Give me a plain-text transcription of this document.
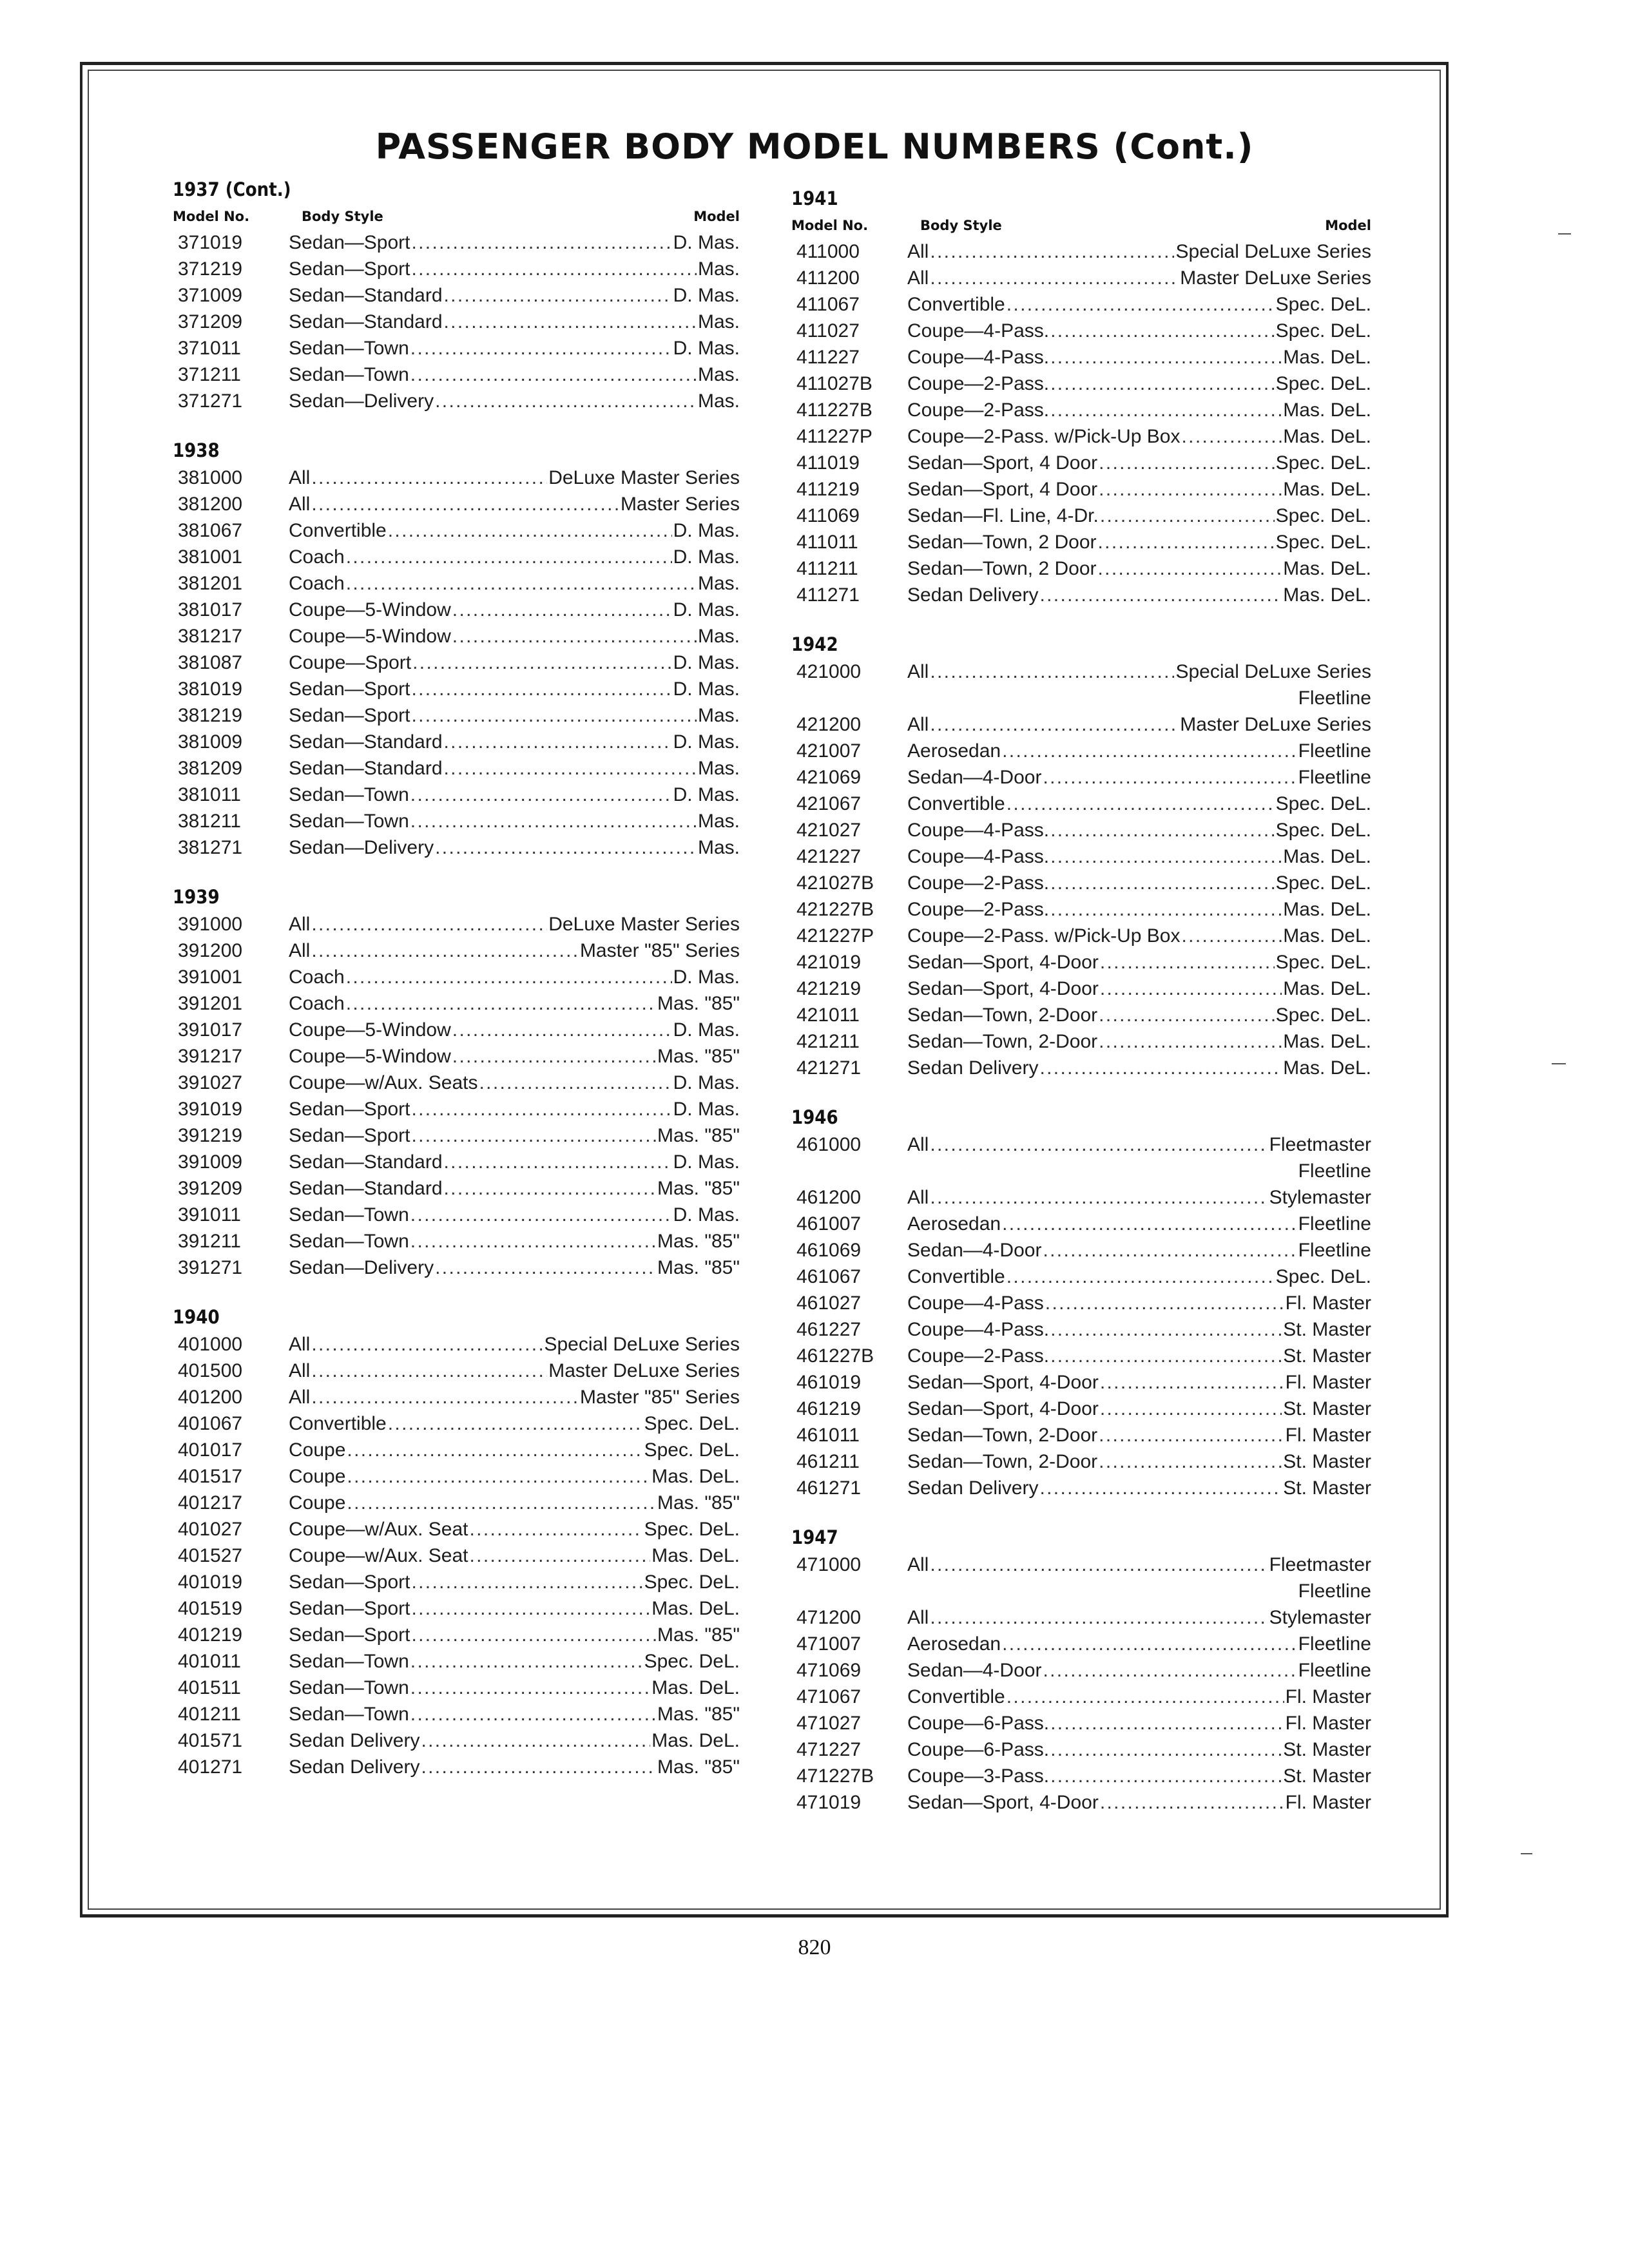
PASSENGER BODY MODEL NUMBERS (Cont.)
1937 (Cont.)
Model No.	Body Style	Model
371019	Sedan—Sport . . .	D. Mas.
371219	Sedan—Sport . . .	Mas.
371009	Sedan—Standard . . .	D. Mas.
371209	Sedan—Standard . . .	Mas.
371011	Sedan—Town . . .	D. Mas.
371211	Sedan—Town . . .	Mas.
371271	Sedan—Delivery . . .	Mas.
1938
381000	All . . .	DeLuxe Master Series
381200	All . . .	Master Series
381067	Convertible . . .	D. Mas.
381001	Coach . . .	D. Mas.
381201	Coach . . .	Mas.
381017	Coupe—5-Window . . .	D. Mas.
381217	Coupe—5-Window . . .	Mas.
381087	Coupe—Sport . . .	D. Mas.
381019	Sedan—Sport . . .	D. Mas.
381219	Sedan—Sport . . .	Mas.
381009	Sedan—Standard . . .	D. Mas.
381209	Sedan—Standard . . .	Mas.
381011	Sedan—Town . . .	D. Mas.
381211	Sedan—Town . . .	Mas.
381271	Sedan—Delivery . . .	Mas.
1939
391000	All . . .	DeLuxe Master Series
391200	All . . .	Master "85" Series
391001	Coach . . .	D. Mas.
391201	Coach . . .	Mas. "85"
391017	Coupe—5-Window . . .	D. Mas.
391217	Coupe—5-Window . . .	Mas. "85"
391027	Coupe—w/Aux. Seats . . .	D. Mas.
391019	Sedan—Sport . . .	D. Mas.
391219	Sedan—Sport . . .	Mas. "85"
391009	Sedan—Standard . . .	D. Mas.
391209	Sedan—Standard . . .	Mas. "85"
391011	Sedan—Town . . .	D. Mas.
391211	Sedan—Town . . .	Mas. "85"
391271	Sedan—Delivery . . .	Mas. "85"
1940
401000	All . . .	Special DeLuxe Series
401500	All . . .	Master DeLuxe Series
401200	All . . .	Master "85" Series
401067	Convertible . . .	Spec. DeL.
401017	Coupe . . .	Spec. DeL.
401517	Coupe . . .	Mas. DeL.
401217	Coupe . . .	Mas. "85"
401027	Coupe—w/Aux. Seat . . .	Spec. DeL.
401527	Coupe—w/Aux. Seat . . .	Mas. DeL.
401019	Sedan—Sport . . .	Spec. DeL.
401519	Sedan—Sport . . .	Mas. DeL.
401219	Sedan—Sport . . .	Mas. "85"
401011	Sedan—Town . . .	Spec. DeL.
401511	Sedan—Town . . .	Mas. DeL.
401211	Sedan—Town . . .	Mas. "85"
401571	Sedan Delivery . . .	Mas. DeL.
401271	Sedan Delivery . . .	Mas. "85"
1941
Model No.	Body Style	Model
411000	All . . .	Special DeLuxe Series
411200	All . . .	Master DeLuxe Series
411067	Convertible . . .	Spec. DeL.
411027	Coupe—4-Pass. . . .	Spec. DeL.
411227	Coupe—4-Pass. . . .	Mas. DeL.
411027B	Coupe—2-Pass. . . .	Spec. DeL.
411227B	Coupe—2-Pass. . . .	Mas. DeL.
411227P	Coupe—2-Pass. w/Pick-Up Box . . .	Mas. DeL.
411019	Sedan—Sport, 4 Door . . .	Spec. DeL.
411219	Sedan—Sport, 4 Door . . .	Mas. DeL.
411069	Sedan—Fl. Line, 4-Dr. . . .	Spec. DeL.
411011	Sedan—Town, 2 Door . . .	Spec. DeL.
411211	Sedan—Town, 2 Door . . .	Mas. DeL.
411271	Sedan Delivery . . .	Mas. DeL.
1942
421000	All . . .	Special DeLuxe Series
Fleetline
421200	All . . .	Master DeLuxe Series
421007	Aerosedan . . .	Fleetline
421069	Sedan—4-Door . . .	Fleetline
421067	Convertible . . .	Spec. DeL.
421027	Coupe—4-Pass. . . .	Spec. DeL.
421227	Coupe—4-Pass. . . .	Mas. DeL.
421027B	Coupe—2-Pass. . . .	Spec. DeL.
421227B	Coupe—2-Pass. . . .	Mas. DeL.
421227P	Coupe—2-Pass. w/Pick-Up Box . . .	Mas. DeL.
421019	Sedan—Sport, 4-Door . . .	Spec. DeL.
421219	Sedan—Sport, 4-Door . . .	Mas. DeL.
421011	Sedan—Town, 2-Door . . .	Spec. DeL.
421211	Sedan—Town, 2-Door . . .	Mas. DeL.
421271	Sedan Delivery . . .	Mas. DeL.
1946
461000	All . . .	Fleetmaster
Fleetline
461200	All . . .	Stylemaster
461007	Aerosedan . . .	Fleetline
461069	Sedan—4-Door . . .	Fleetline
461067	Convertible . . .	Spec. DeL.
461027	Coupe—4-Pass . . .	Fl. Master
461227	Coupe—4-Pass. . . .	St. Master
461227B	Coupe—2-Pass. . . .	St. Master
461019	Sedan—Sport, 4-Door . . .	Fl. Master
461219	Sedan—Sport, 4-Door . . .	St. Master
461011	Sedan—Town, 2-Door . . .	Fl. Master
461211	Sedan—Town, 2-Door . . .	St. Master
461271	Sedan Delivery . . .	St. Master
1947
471000	All . . .	Fleetmaster
Fleetline
471200	All . . .	Stylemaster
471007	Aerosedan . . .	Fleetline
471069	Sedan—4-Door . . .	Fleetline
471067	Convertible . . .	Fl. Master
471027	Coupe—6-Pass. . . .	Fl. Master
471227	Coupe—6-Pass. . . .	St. Master
471227B	Coupe—3-Pass. . . .	St. Master
471019	Sedan—Sport, 4-Door . . .	Fl. Master
820
